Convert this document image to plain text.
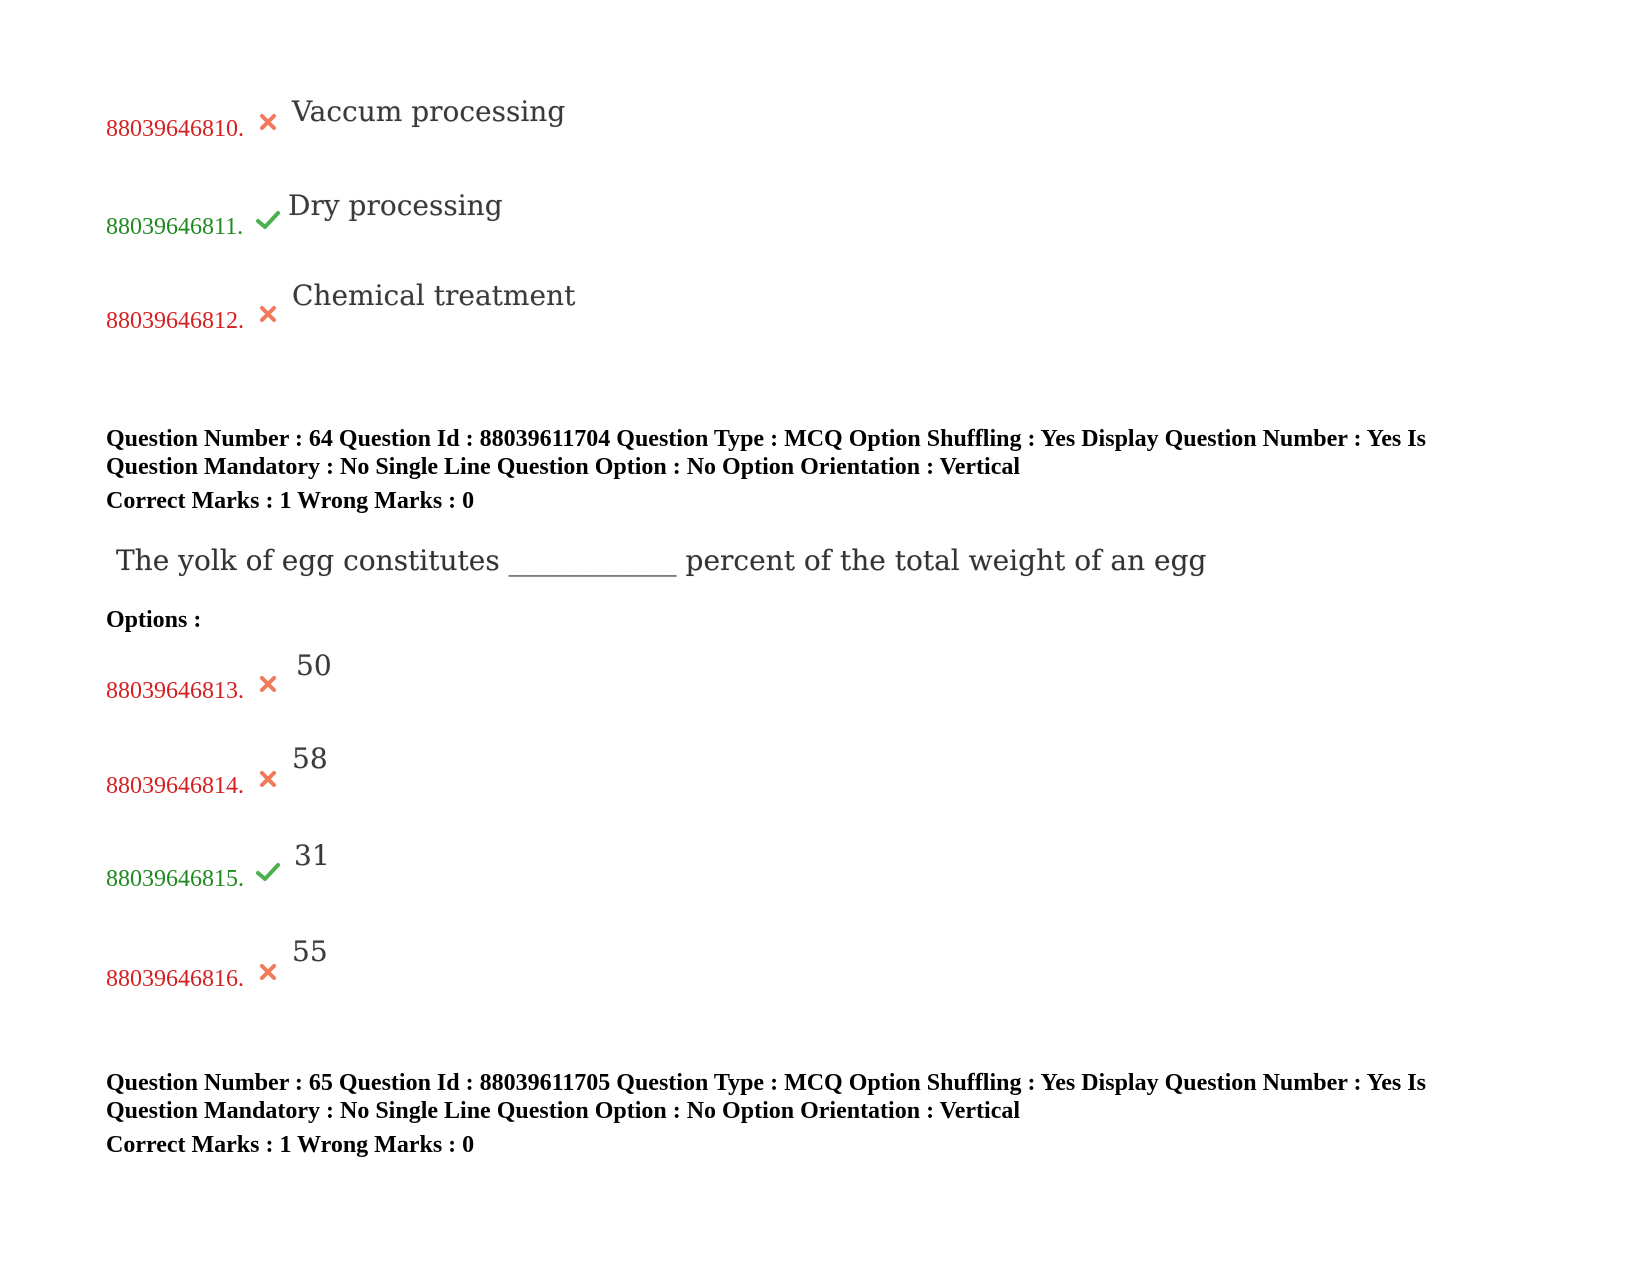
88039646810.
Vaccum processing
88039646811.
Dry processing
88039646812.
Chemical treatment
Question Number : 64 Question Id : 88039611704 Question Type : MCQ Option Shuffling : Yes Display Question Number : Yes Is
Question Mandatory : No Single Line Question Option : No Option Orientation : Vertical
Correct Marks : 1 Wrong Marks : 0
The yolk of egg constitutes ____________ percent of the total weight of an egg
Options :
88039646813.
50
88039646814.
58
88039646815.
31
88039646816.
55
Question Number : 65 Question Id : 88039611705 Question Type : MCQ Option Shuffling : Yes Display Question Number : Yes Is
Question Mandatory : No Single Line Question Option : No Option Orientation : Vertical
Correct Marks : 1 Wrong Marks : 0
